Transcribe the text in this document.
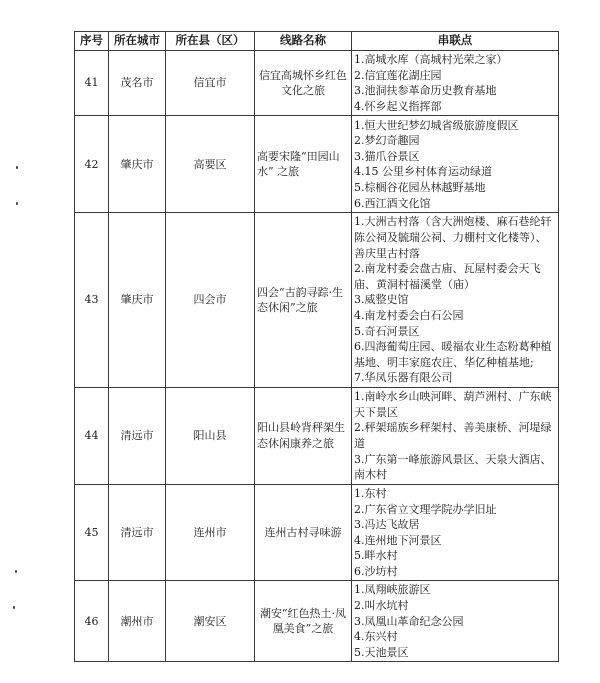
序号	所在城市	所在县（区）	线路名称	串联点
41	茂名市	信宜市	信宜高城怀乡红色文化之旅	1.高城水库（高城村光荣之家）
2.信宜莲花湖庄园
3.池洞扶参革命历史教育基地
4.怀乡起义指挥部

42	肇庆市	高要区	高要宋隆“田园山水” 之旅	
1.恒大世纪梦幻城省级旅游度假区
2.梦幻奇趣园
3.猫爪谷景区
4.15 公里乡村体育运动绿道
5.棕榈谷花园丛林越野基地
6.西江酒文化馆

43	肇庆市	四会市	四会“古韵寻踪·生态休闲”之旅	
1.大洲古村落（含大洲炮楼、麻石巷纶轩陈公祠及毓瑞公祠、力棚村文化楼等）、善庆里古村落
2.南龙村委会盘古庙、瓦屋村委会天飞庙、黄洞村福溪堂（庙）
3.威整史馆
4.南龙村委会白石公园
5.奇石河景区
6.四海葡萄庄园、暖福农业生态粉葛种植基地、明丰家庭农庄、华亿种植基地;
7.华凤乐器有限公司

44	清远市	阳山县	阳山县岭背秤架生态休闲康养之旅	1.南岭水乡山映河畔、葫芦洲村、广东峡天下景区
2.秤架瑶族乡秤架村、善美康桥、河堤绿道
3.广东第一峰旅游风景区、天泉大酒店、南木村

45	清远市	连州市	连州古村寻味游	
1.东村
2.广东省立文理学院办学旧址
3.冯达飞故居
4.连州地下河景区
5.畔水村
6.沙坊村

46	潮州市	潮安区	潮安“红色热土·凤凰美食”之旅	1.凤翔峡旅游区
2.叫水坑村
3.凤凰山革命纪念公园
4.东兴村
5.天池景区
